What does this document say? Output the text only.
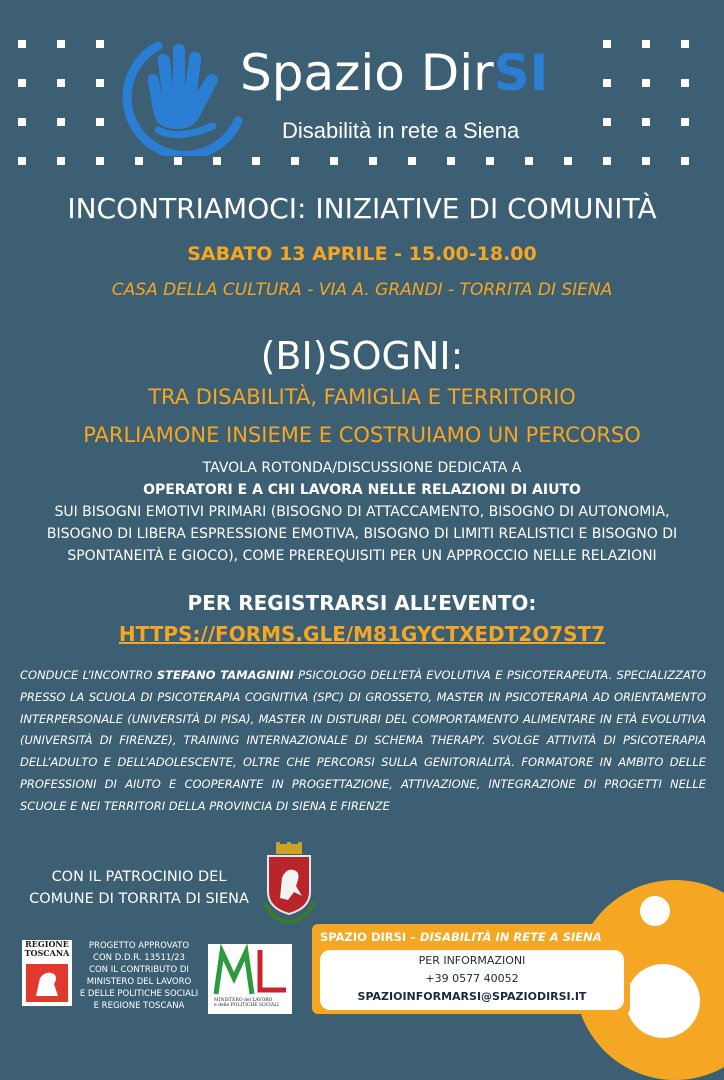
Spazio DirSI
Disabilità in rete a Siena
INCONTRIAMOCI: INIZIATIVE DI COMUNITÀ
SABATO 13 APRILE - 15.00-18.00
CASA DELLA CULTURA - VIA A. GRANDI - TORRITA DI SIENA
(BI)SOGNI:
TRA DISABILITÀ, FAMIGLIA E TERRITORIO
PARLIAMONE INSIEME E COSTRUIAMO UN PERCORSO
TAVOLA ROTONDA/DISCUSSIONE DEDICATA A
OPERATORI E A CHI LAVORA NELLE RELAZIONI DI AIUTO
SUI BISOGNI EMOTIVI PRIMARI (BISOGNO DI ATTACCAMENTO, BISOGNO DI AUTONOMIA,
BISOGNO DI LIBERA ESPRESSIONE EMOTIVA, BISOGNO DI LIMITI REALISTICI E BISOGNO DI
SPONTANEITÀ E GIOCO), COME PREREQUISITI PER UN APPROCCIO NELLE RELAZIONI
PER REGISTRARSI ALL’EVENTO:
HTTPS://FORMS.GLE/M81GYCTXEDT2O7ST7
CONDUCE L’INCONTRO STEFANO TAMAGNINI PSICOLOGO DELL’ETÀ EVOLUTIVA E PSICOTERAPEUTA. SPECIALIZZATO PRESSO LA SCUOLA DI PSICOTERAPIA COGNITIVA (SPC) DI GROSSETO, MASTER IN PSICOTERAPIA AD ORIENTAMENTO INTERPERSONALE (UNIVERSITÀ DI PISA), MASTER IN DISTURBI DEL COMPORTAMENTO ALIMENTARE IN ETÀ EVOLUTIVA (UNIVERSITÀ DI FIRENZE), TRAINING INTERNAZIONALE DI SCHEMA THERAPY. SVOLGE ATTIVITÀ DI PSICOTERAPIA DELL’ADULTO E DELL’ADOLESCENTE, OLTRE CHE PERCORSI SULLA GENITORIALITÀ. FORMATORE IN AMBITO DELLE PROFESSIONI DI AIUTO E COOPERANTE IN PROGETTAZIONE, ATTIVAZIONE, INTEGRAZIONE DI PROGETTI NELLE SCUOLE E NEI TERRITORI DELLA PROVINCIA DI SIENA E FIRENZE
CON IL PATROCINIO DEL
COMUNE DI TORRITA DI SIENA
REGIONE
TOSCANA
PROGETTO APPROVATO
CON D.D.R. 13511/23
CON IL CONTRIBUTO DI
MINISTERO DEL LAVORO
E DELLE POLITICHE SOCIALI
E REGIONE TOSCANA
MINISTERO del LAVORO
e delle POLITICHE SOCIALI
SPAZIO DIRSI – DISABILITÀ IN RETE A SIENA
PER INFORMAZIONI
+39 0577 40052
SPAZIOINFORMARSI@SPAZIODIRSI.IT
